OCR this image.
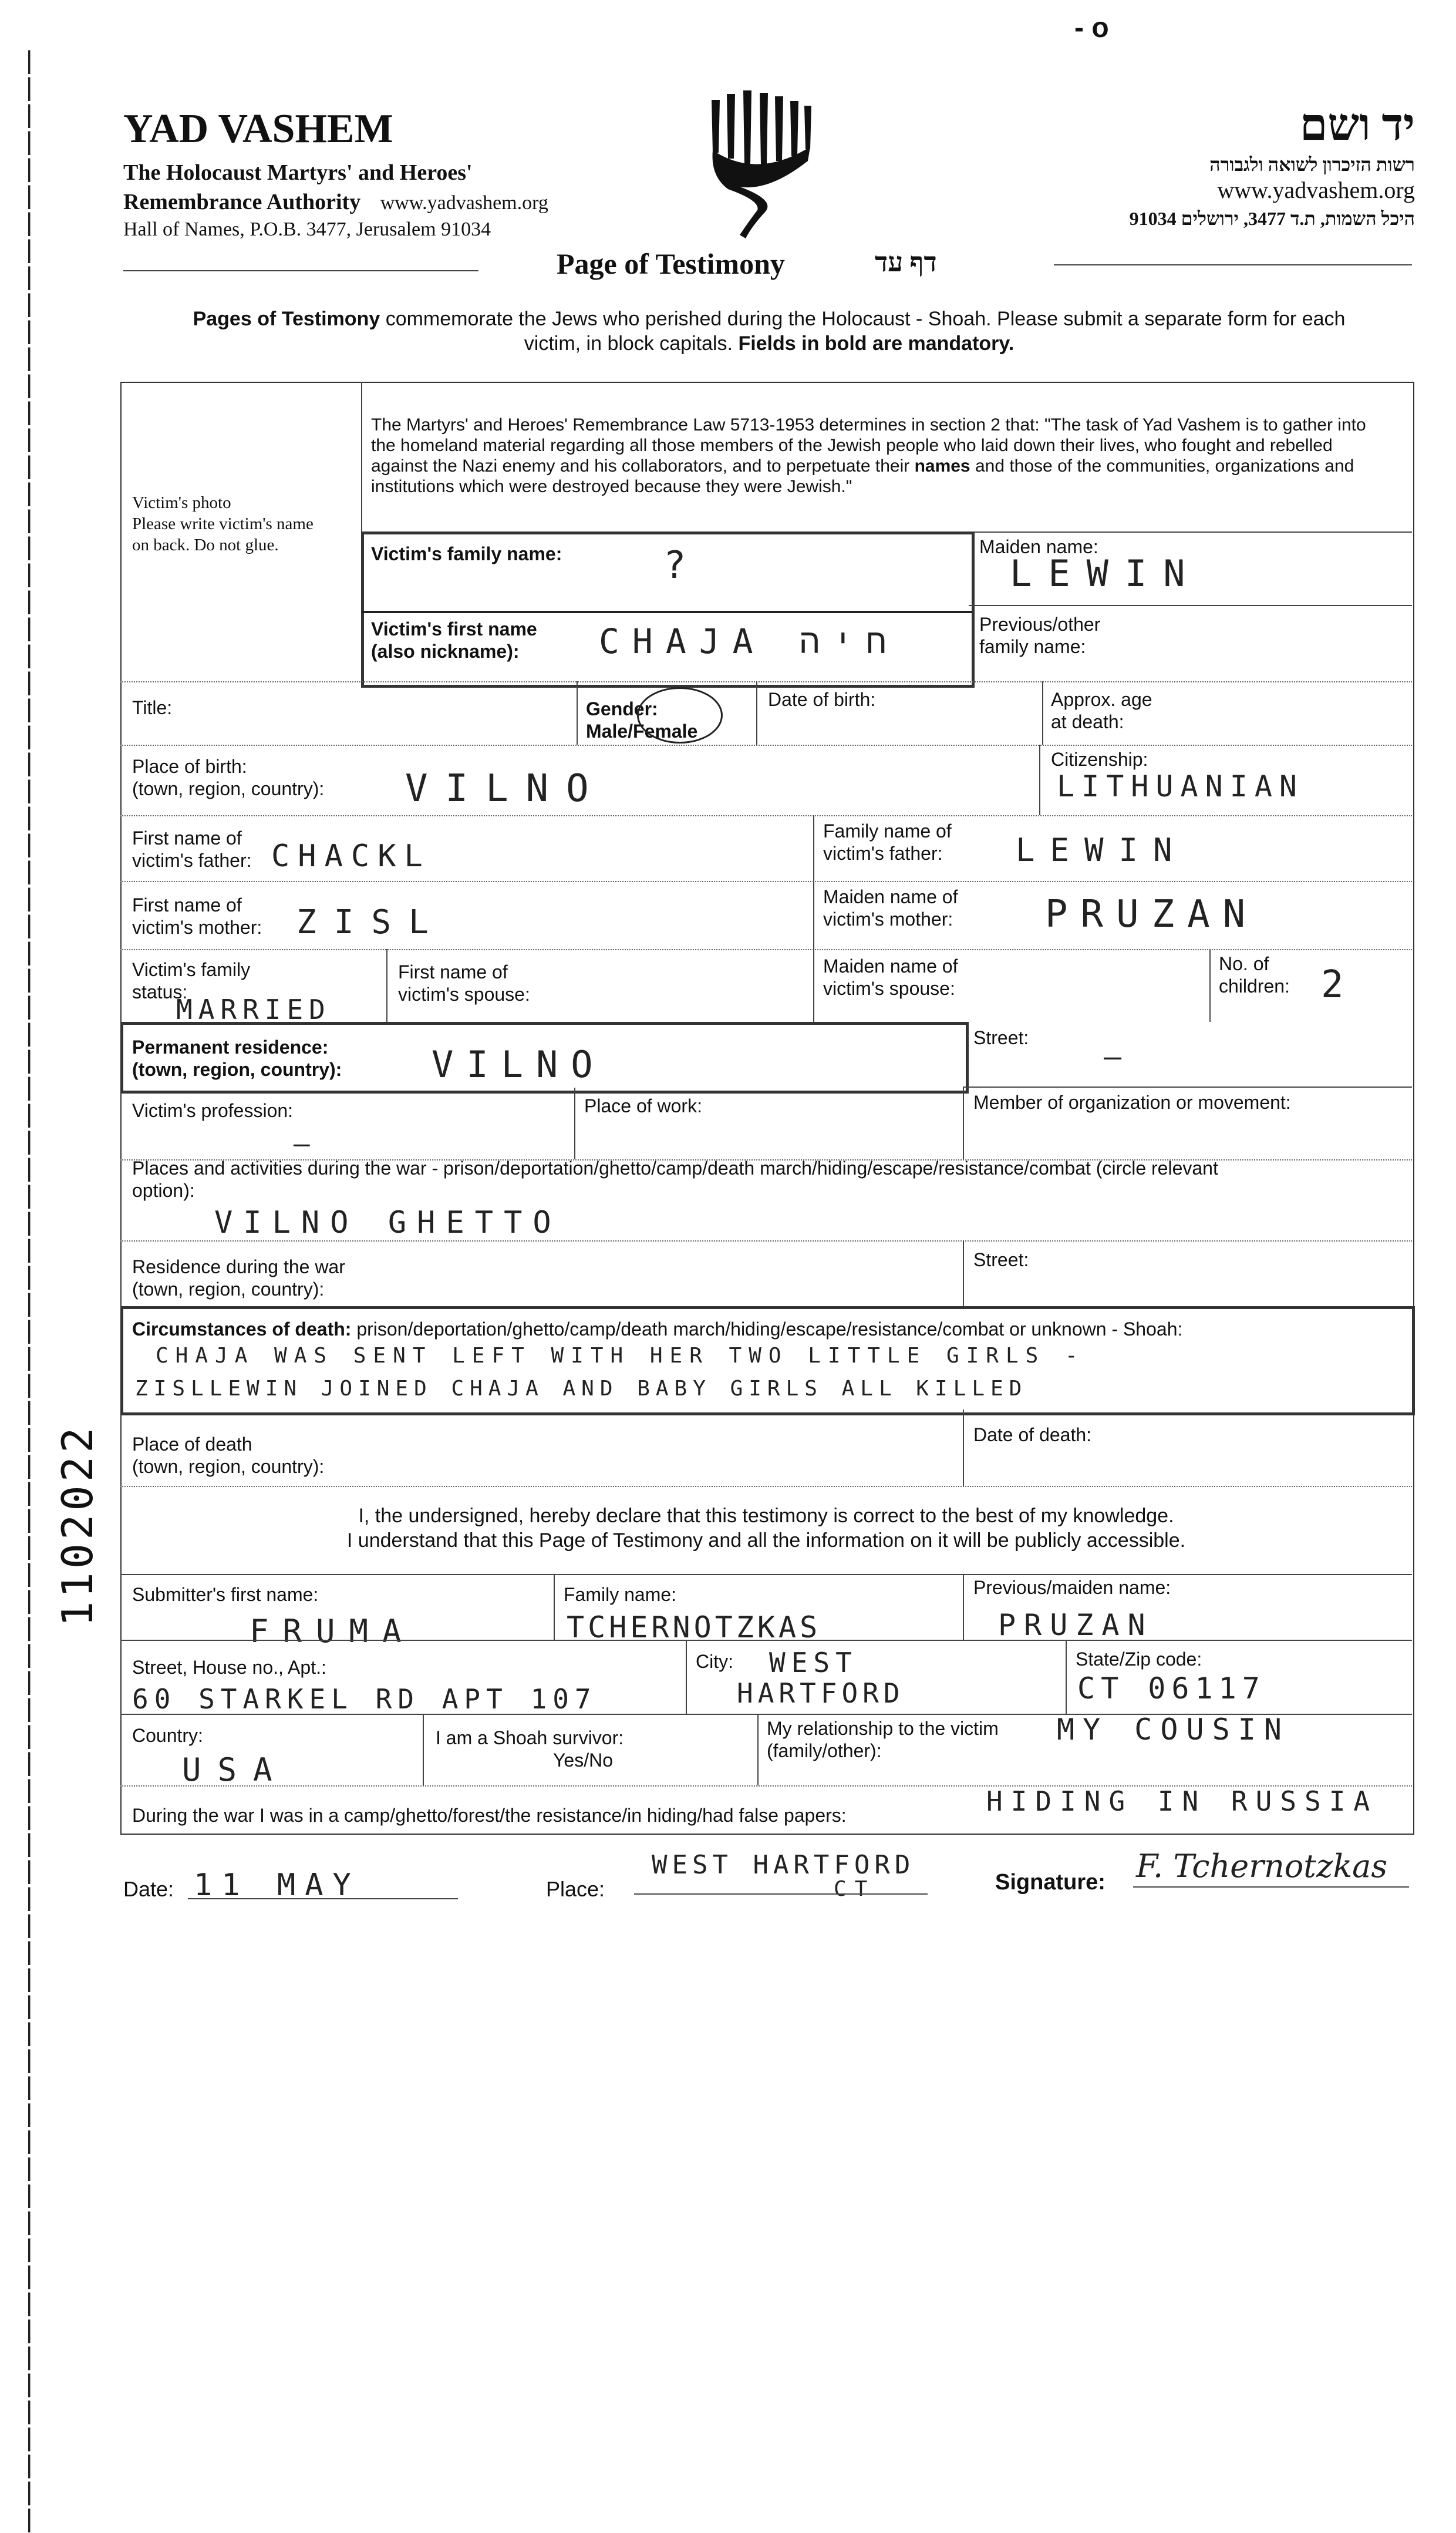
- o
| | | | | | | | | | | | | | | | | | | | | | | | | | | | | | | | | | | | | | | | | | | | | | | | | | | | | | | | | | | | | | | | | | | | | | | | | | | | | | | | | | | | | | | | | | | |
YAD VASHEM
The Holocaust Martyrs' and Heroes'
Remembrance Authority www.yadvashem.org
Hall of Names, P.O.B. 3477, Jerusalem 91034
יד ושם
רשות הזיכרון לשואה ולגבורה
www.yadvashem.org
היכל השמות, ת.ד 3477, ירושלים 91034
Page of Testimony	דף עד
Pages of Testimony commemorate the Jews who perished during the Holocaust - Shoah. Please submit a separate form for each
victim, in block capitals. Fields in bold are mandatory.
Victim's photo
Please write victim's name
on back. Do not glue.
The Martyrs' and Heroes' Remembrance Law 5713-1953 determines in section 2 that: "The task of Yad Vashem is to gather into the homeland material regarding all those members of the Jewish people who laid down their lives, who fought and rebelled against the Nazi enemy and his collaborators, and to perpetuate their names and those of the communities, organizations and institutions which were destroyed because they were Jewish."
Victim's family name:	?
Victim's first name
(also nickname):	CHAJA חיה
Maiden name:
LEWIN
Previous/other
family name:
Title:	Gender:
Male/Female
Date of birth:	Approx. age
at death:
Place of birth:
(town, region, country): VILNO
Citizenship:
LITHUANIAN
First name of
victim's father: CHACKL
Family name of
victim's father: LEWIN
First name of
victim's mother: ZISL
Maiden name of
victim's mother: PRUZAN
Victim's family
status:
MARRIED
First name of
victim's spouse:
Maiden name of
victim's spouse:
No. of
children: 2
Permanent residence:
(town, region, country): VILNO
Street:
—
Victim's profession:
—
Place of work:	Member of organization or movement:
Places and activities during the war - prison/deportation/ghetto/camp/death march/hiding/escape/resistance/combat (circle relevant
option):
VILNO GHETTO
Residence during the war
(town, region, country):
Street:
Circumstances of death: prison/deportation/ghetto/camp/death march/hiding/escape/resistance/combat or unknown - Shoah:
CHAJA WAS SENT LEFT WITH HER TWO LITTLE GIRLS -
ZISLLEWIN JOINED CHAJA AND BABY GIRLS ALL KILLED
Place of death
(town, region, country):
Date of death:
I, the undersigned, hereby declare that this testimony is correct to the best of my knowledge.
I understand that this Page of Testimony and all the information on it will be publicly accessible.
Submitter's first name:
FRUMA
Family name:
TCHERNOTZKAS
Previous/maiden name:
PRUZAN
Street, House no., Apt.:
60 STARKEL RD APT 107
City: WEST
HARTFORD
State/Zip code:
CT 06117
Country:
USA
I am a Shoah survivor:
Yes/No
My relationship to the victim
(family/other):
MY COUSIN
During the war I was in a camp/ghetto/forest/the resistance/in hiding/had false papers:	HIDING IN RUSSIA
Date: 11 MAY	Place:
WEST HARTFORD
CT	Signature: F. Tchernotzkas
1102022
